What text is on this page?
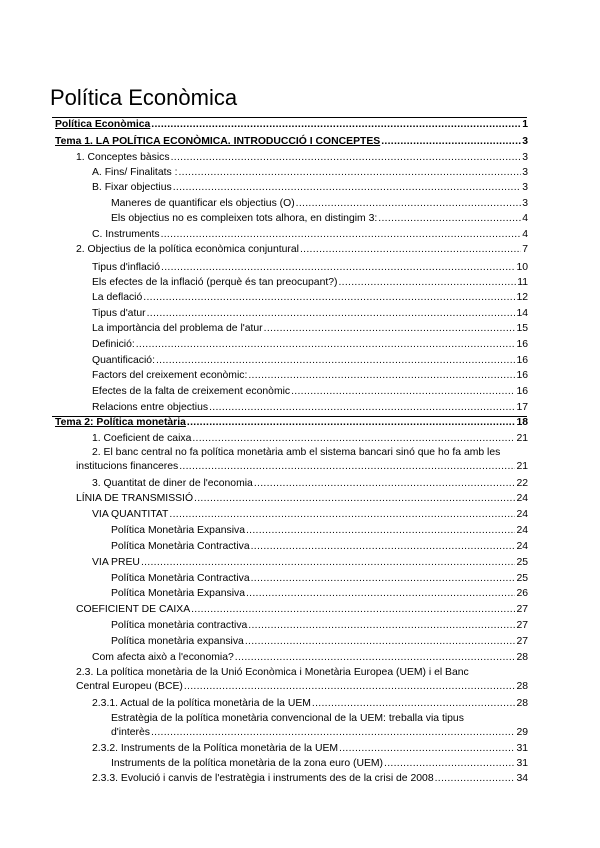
Política Econòmica
Política Econòmica .....	1
Tema 1. LA POLÍTICA ECONÒMICA. INTRODUCCIÓ I CONCEPTES .....	3
1. Conceptes bàsics .....	3
A. Fins/ Finalitats : .....	3
B. Fixar objectius .....	3
Maneres de quantificar els objectius (O) .....	3
Els objectius no es compleixen tots alhora, en distingim 3: .....	4
C. Instruments .....	4
2. Objectius de la política econòmica conjuntural .....	7
Tipus d'inflació .....	10
Els efectes de la inflació (perquè és tan preocupant?) .....	11
La deflació .....	12
Tipus d'atur .....	14
La importància del problema de l'atur .....	15
Definició: .....	16
Quantificació: .....	16
Factors del creixement econòmic: .....	16
Efectes de la falta de creixement econòmic .....	16
Relacions entre objectius .....	17
Tema 2: Política monetària .....	18
1. Coeficient de caixa .....	21
2. El banc central no fa política monetària amb el sistema bancari sinó que ho fa amb les
institucions financeres .....	21
3. Quantitat de diner de l'economia .....	22
LÍNIA DE TRANSMISSIÓ .....	24
VIA QUANTITAT .....	24
Política Monetària Expansiva .....	24
Política Monetària Contractiva .....	24
VIA PREU .....	25
Política Monetària Contractiva .....	25
Política Monetària Expansiva .....	26
COEFICIENT DE CAIXA .....	27
Política monetària contractiva .....	27
Política monetària expansiva .....	27
Com afecta això a l'economia? .....	28
2.3. La política monetària de la Unió Econòmica i Monetària Europea (UEM) i el Banc
Central Europeu (BCE) .....	28
2.3.1. Actual de la política monetària de la UEM .....	28
Estratègia de la política monetària convencional de la UEM: treballa via tipus
d'interès .....	29
2.3.2. Instruments de la Política monetària de la UEM .....	31
Instruments de la política monetària de la zona euro (UEM) .....	31
2.3.3. Evolució i canvis de l'estratègia i instruments des de la crisi de 2008 .....	34
